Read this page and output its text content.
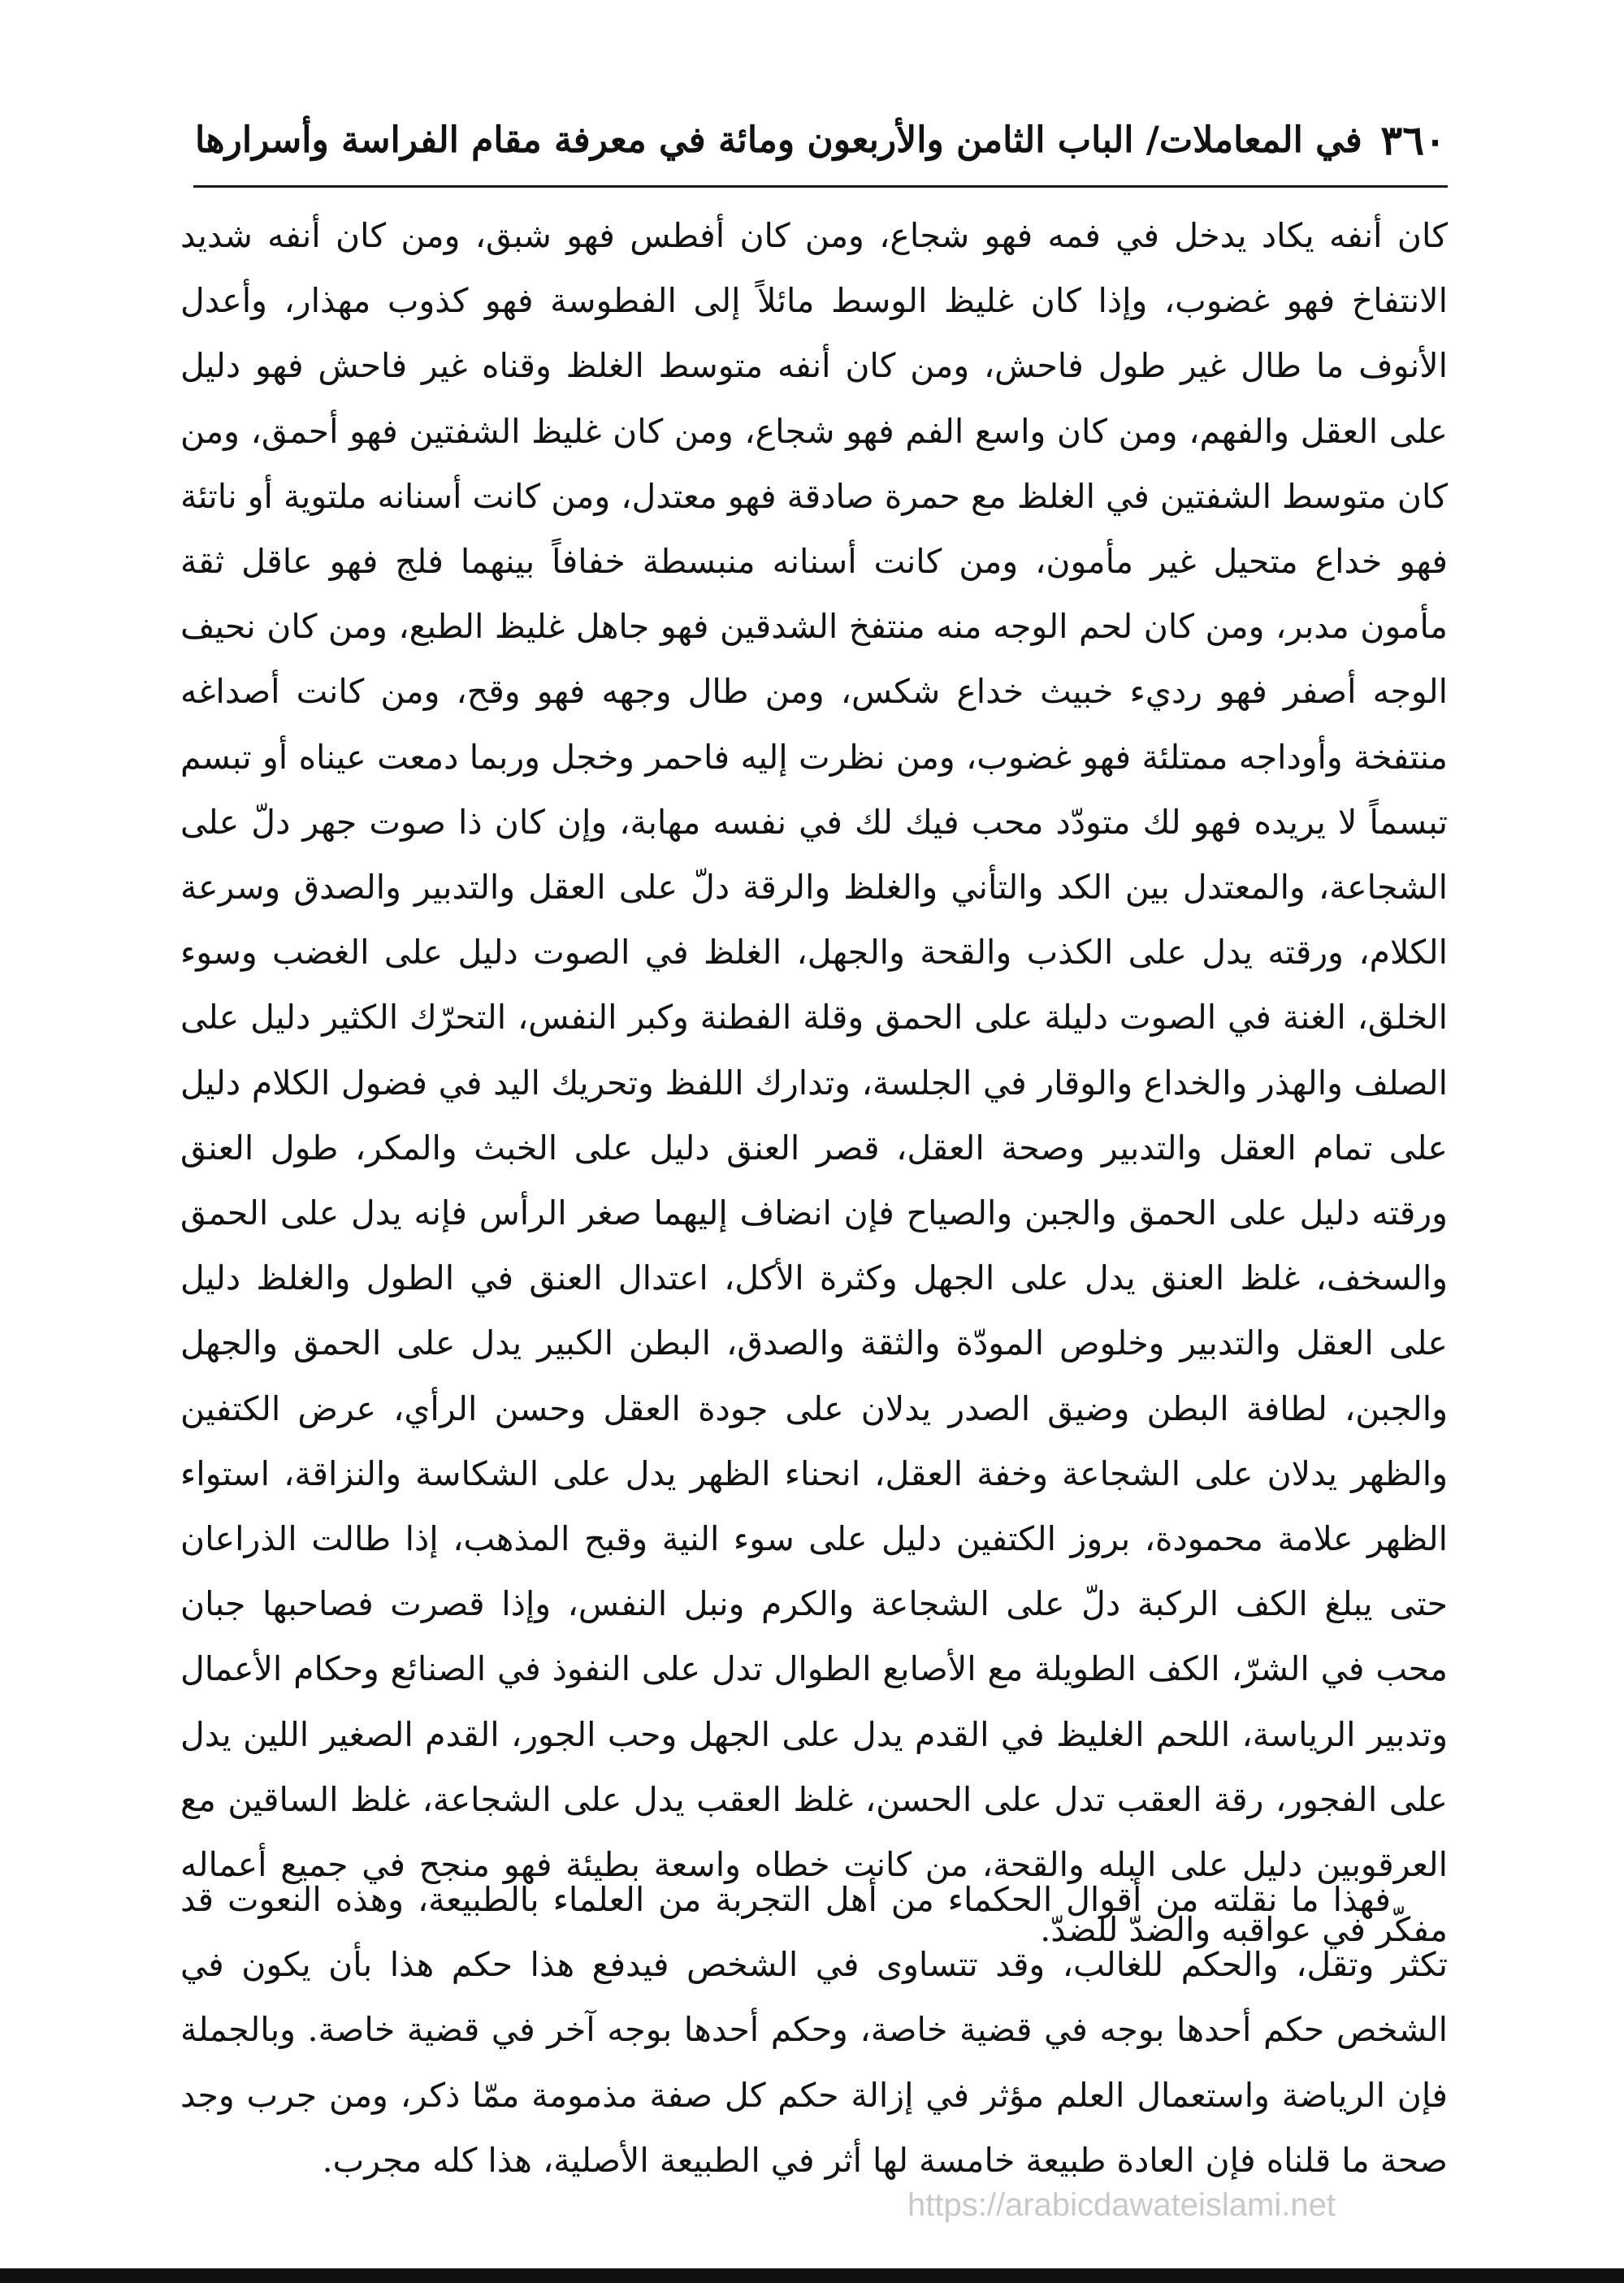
٣٦٠
في المعاملات/ الباب الثامن والأربعون ومائة في معرفة مقام الفراسة وأسرارها

كان أنفه يكاد يدخل في فمه فهو شجاع، ومن كان أفطس فهو شبق، ومن كان أنفه شديد الانتفاخ فهو غضوب، وإذا كان غليظ الوسط مائلاً إلى الفطوسة فهو كذوب مهذار، وأعدل الأنوف ما طال غير طول فاحش، ومن كان أنفه متوسط الغلظ وقناه غير فاحش فهو دليل على العقل والفهم، ومن كان واسع الفم فهو شجاع، ومن كان غليظ الشفتين فهو أحمق، ومن كان متوسط الشفتين في الغلظ مع حمرة صادقة فهو معتدل، ومن كانت أسنانه ملتوية أو ناتئة فهو خداع متحيل غير مأمون، ومن كانت أسنانه منبسطة خفافاً بينهما فلج فهو عاقل ثقة مأمون مدبر، ومن كان لحم الوجه منه منتفخ الشدقين فهو جاهل غليظ الطبع، ومن كان نحيف الوجه أصفر فهو رديء خبيث خداع شكس، ومن طال وجهه فهو وقح، ومن كانت أصداغه منتفخة وأوداجه ممتلئة فهو غضوب، ومن نظرت إليه فاحمر وخجل وربما دمعت عيناه أو تبسم تبسماً لا يريده فهو لك متودّد محب فيك لك في نفسه مهابة، وإن كان ذا صوت جهر دلّ على الشجاعة، والمعتدل بين الكد والتأني والغلظ والرقة دلّ على العقل والتدبير والصدق وسرعة الكلام، ورقته يدل على الكذب والقحة والجهل، الغلظ في الصوت دليل على الغضب وسوء الخلق، الغنة في الصوت دليلة على الحمق وقلة الفطنة وكبر النفس، التحرّك الكثير دليل على الصلف والهذر والخداع والوقار في الجلسة، وتدارك اللفظ وتحريك اليد في فضول الكلام دليل على تمام العقل والتدبير وصحة العقل، قصر العنق دليل على الخبث والمكر، طول العنق ورقته دليل على الحمق والجبن والصياح فإن انضاف إليهما صغر الرأس فإنه يدل على الحمق والسخف، غلظ العنق يدل على الجهل وكثرة الأكل، اعتدال العنق في الطول والغلظ دليل على العقل والتدبير وخلوص المودّة والثقة والصدق، البطن الكبير يدل على الحمق والجهل والجبن، لطافة البطن وضيق الصدر يدلان على جودة العقل وحسن الرأي، عرض الكتفين والظهر يدلان على الشجاعة وخفة العقل، انحناء الظهر يدل على الشكاسة والنزاقة، استواء الظهر علامة محمودة، بروز الكتفين دليل على سوء النية وقبح المذهب، إذا طالت الذراعان حتى يبلغ الكف الركبة دلّ على الشجاعة والكرم ونبل النفس، وإذا قصرت فصاحبها جبان محب في الشرّ، الكف الطويلة مع الأصابع الطوال تدل على النفوذ في الصنائع وحكام الأعمال وتدبير الرياسة، اللحم الغليظ في القدم يدل على الجهل وحب الجور، القدم الصغير اللين يدل على الفجور، رقة العقب تدل على الحسن، غلظ العقب يدل على الشجاعة، غلظ الساقين مع العرقوبين دليل على البله والقحة، من كانت خطاه واسعة بطيئة فهو منجح في جميع أعماله مفكّر في عواقبه والضدّ للضدّ.

فهذا ما نقلته من أقوال الحكماء من أهل التجربة من العلماء بالطبيعة، وهذه النعوت قد تكثر وتقل، والحكم للغالب، وقد تتساوى في الشخص فيدفع هذا حكم هذا بأن يكون في الشخص حكم أحدها بوجه في قضية خاصة، وحكم أحدها بوجه آخر في قضية خاصة. وبالجملة فإن الرياضة واستعمال العلم مؤثر في إزالة حكم كل صفة مذمومة ممّا ذكر، ومن جرب وجد صحة ما قلناه فإن العادة طبيعة خامسة لها أثر في الطبيعة الأصلية، هذا كله مجرب.

https://arabicdawateislami.net
